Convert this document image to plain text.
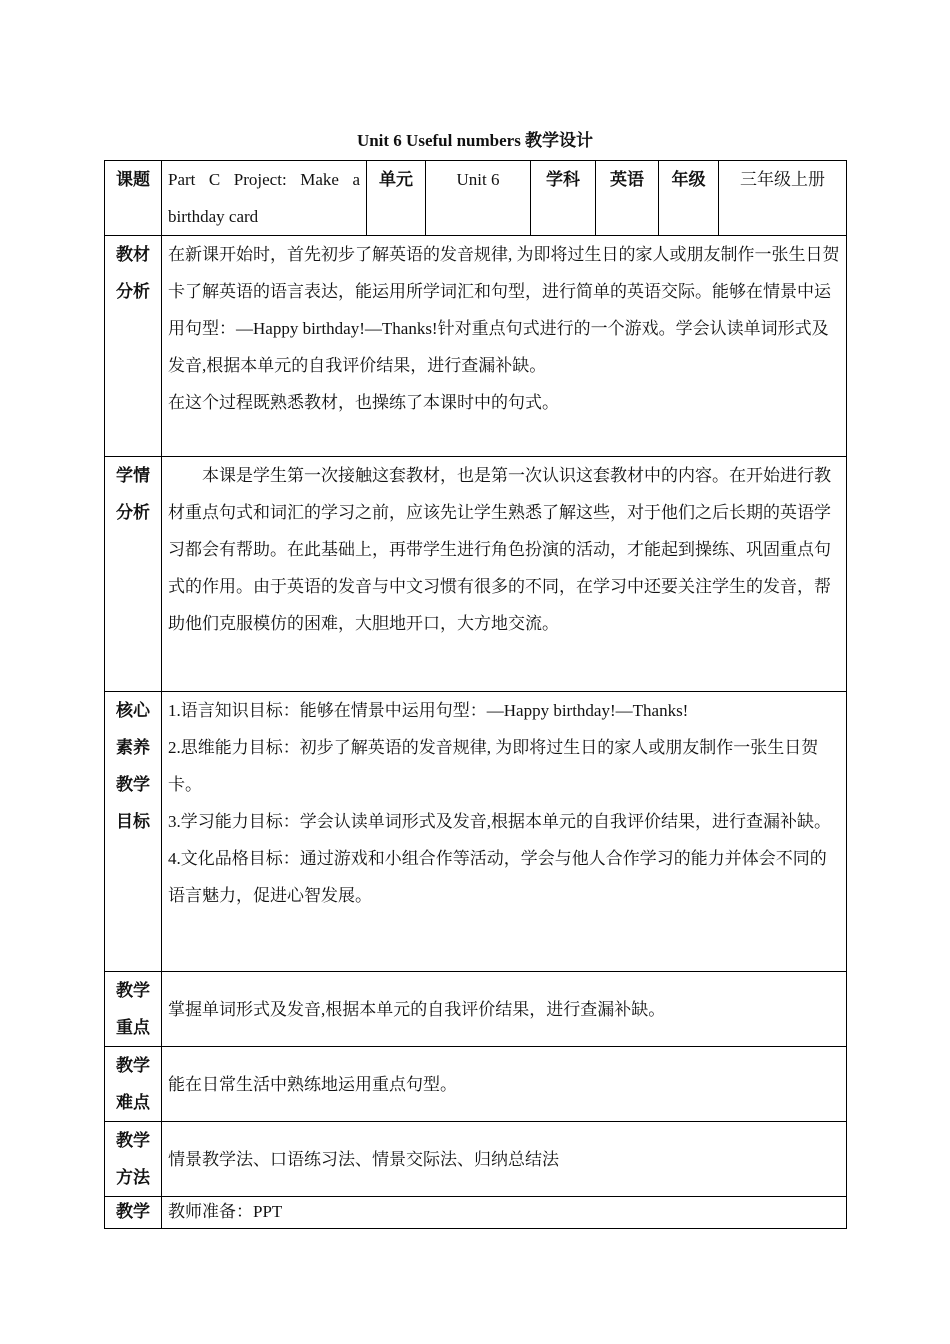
Unit 6 Useful numbers 教学设计
课题	Part C Project: Make a birthday card	单元	Unit 6	学科	英语	年级	三年级上册

教材分析	在新课开始时，首先初步了解英语的发音规律, 为即将过生日的家人或朋友制作一张生日贺卡了解英语的语言表达，能运用所学词汇和句型，进行简单的英语交际。能够在情景中运用句型：—Happy birthday!—Thanks!针对重点句式进行的一个游戏。学会认读单词形式及发音,根据本单元的自我评价结果，进行查漏补缺。

在这个过程既熟悉教材，也操练了本课时中的句式。						

学情分析	本课是学生第一次接触这套教材，也是第一次认识这套教材中的内容。在开始进行教材重点句式和词汇的学习之前，应该先让学生熟悉了解这些，对于他们之后长期的英语学习都会有帮助。在此基础上，再带学生进行角色扮演的活动，才能起到操练、巩固重点句式的作用。由于英语的发音与中文习惯有很多的不同，在学习中还要关注学生的发音，帮助他们克服模仿的困难，大胆地开口，大方地交流。						

核心素养教学目标	1.语言知识目标：能够在情景中运用句型：—Happy birthday!—Thanks!

2.思维能力目标：初步了解英语的发音规律, 为即将过生日的家人或朋友制作一张生日贺卡。

3.学习能力目标：学会认读单词形式及发音,根据本单元的自我评价结果，进行查漏补缺。

4.文化品格目标：通过游戏和小组合作等活动，学会与他人合作学习的能力并体会不同的语言魅力，促进心智发展。						

教学重点	掌握单词形式及发音,根据本单元的自我评价结果，进行查漏补缺。						

教学难点	能在日常生活中熟练地运用重点句型。						

教学方法	情景教学法、口语练习法、情景交际法、归纳总结法						

教学	教师准备：PPT						
